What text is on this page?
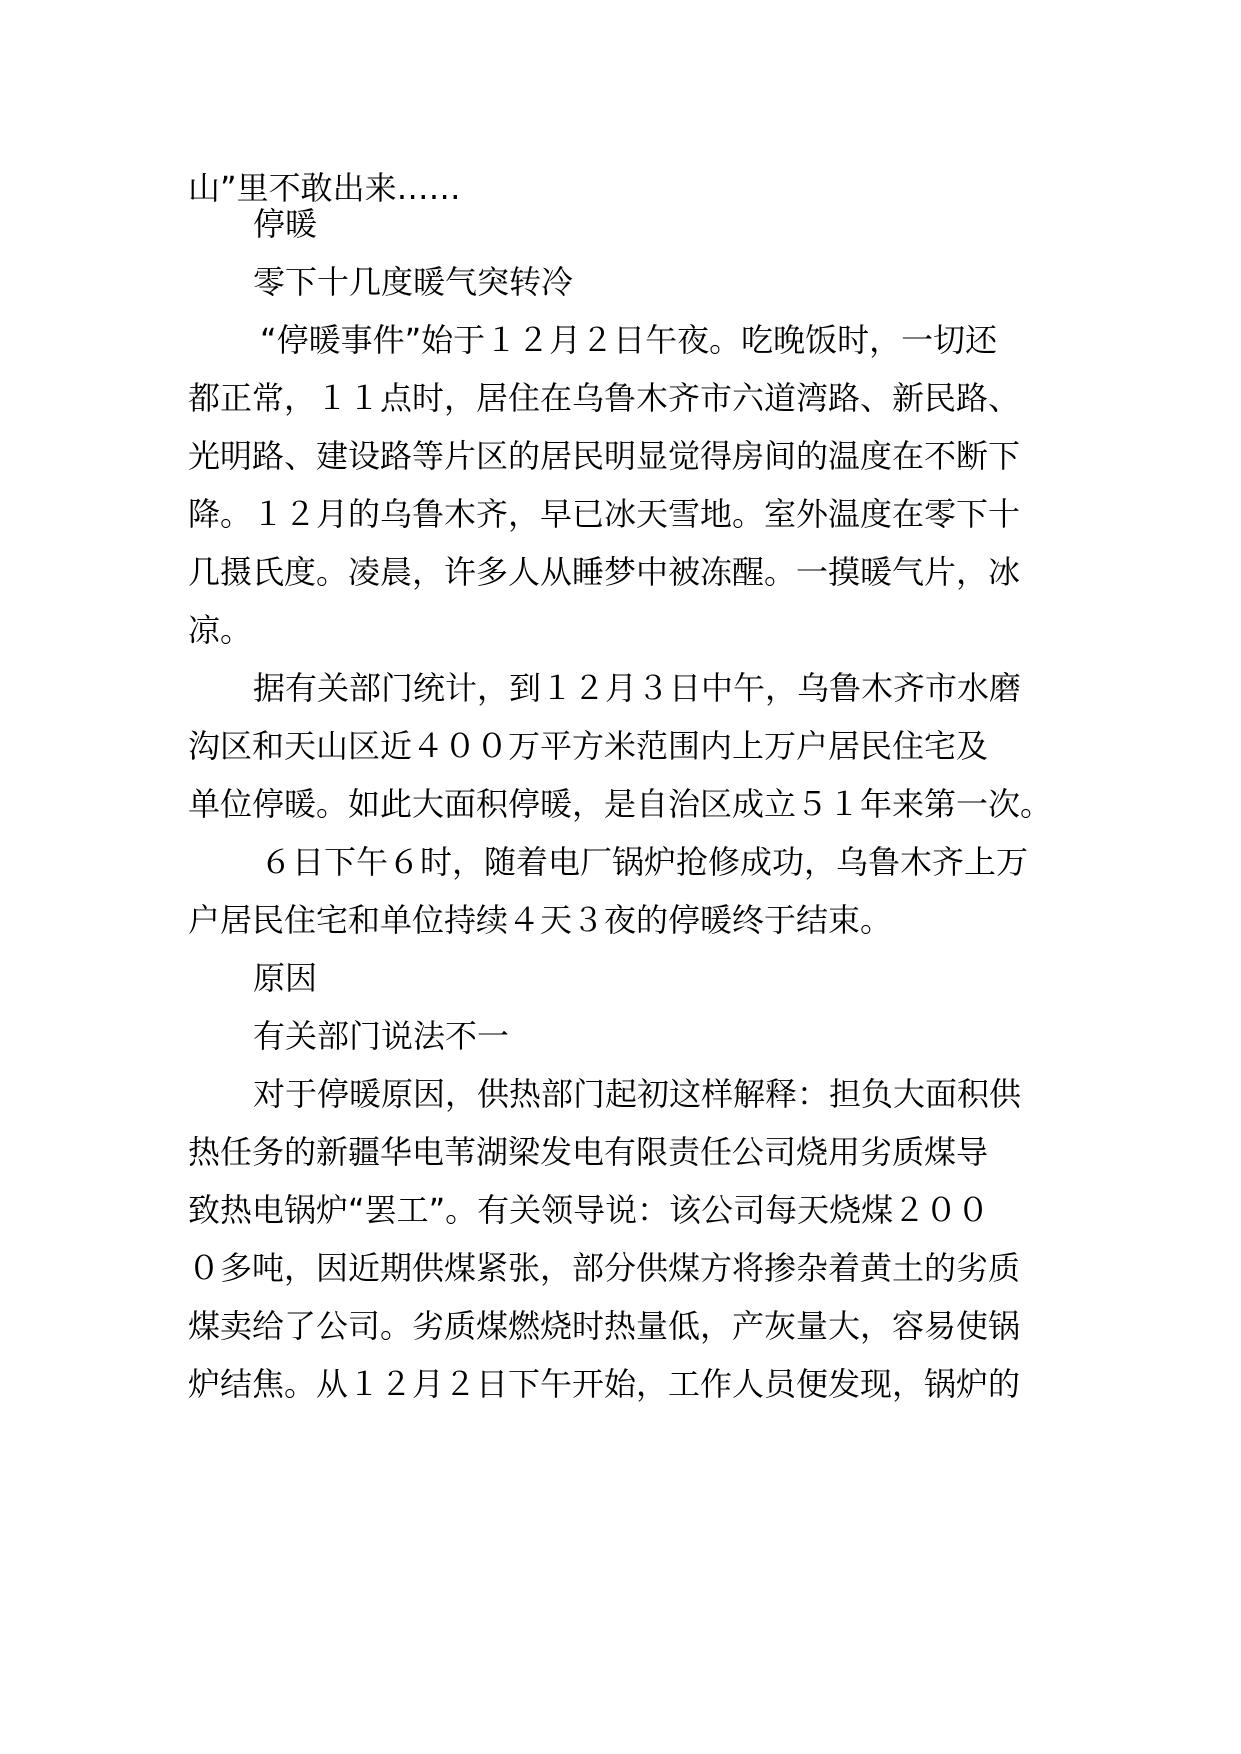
山”里不敢出来……
停暖
零下十几度暖气突转冷
“停暖事件”始于１２月２日午夜。吃晚饭时，一切还
都正常，１１点时，居住在乌鲁木齐市六道湾路、新民路、
光明路、建设路等片区的居民明显觉得房间的温度在不断下
降。１２月的乌鲁木齐，早已冰天雪地。室外温度在零下十
几摄氏度。凌晨，许多人从睡梦中被冻醒。一摸暖气片，冰
凉。
据有关部门统计，到１２月３日中午，乌鲁木齐市水磨
沟区和天山区近４００万平方米范围内上万户居民住宅及
单位停暖。如此大面积停暖，是自治区成立５１年来第一次。
６日下午６时，随着电厂锅炉抢修成功，乌鲁木齐上万
户居民住宅和单位持续４天３夜的停暖终于结束。
原因
有关部门说法不一
对于停暖原因，供热部门起初这样解释：担负大面积供
热任务的新疆华电苇湖梁发电有限责任公司烧用劣质煤导
致热电锅炉“罢工”。有关领导说：该公司每天烧煤２００
０多吨，因近期供煤紧张，部分供煤方将掺杂着黄土的劣质
煤卖给了公司。劣质煤燃烧时热量低，产灰量大，容易使锅
炉结焦。从１２月２日下午开始，工作人员便发现，锅炉的
